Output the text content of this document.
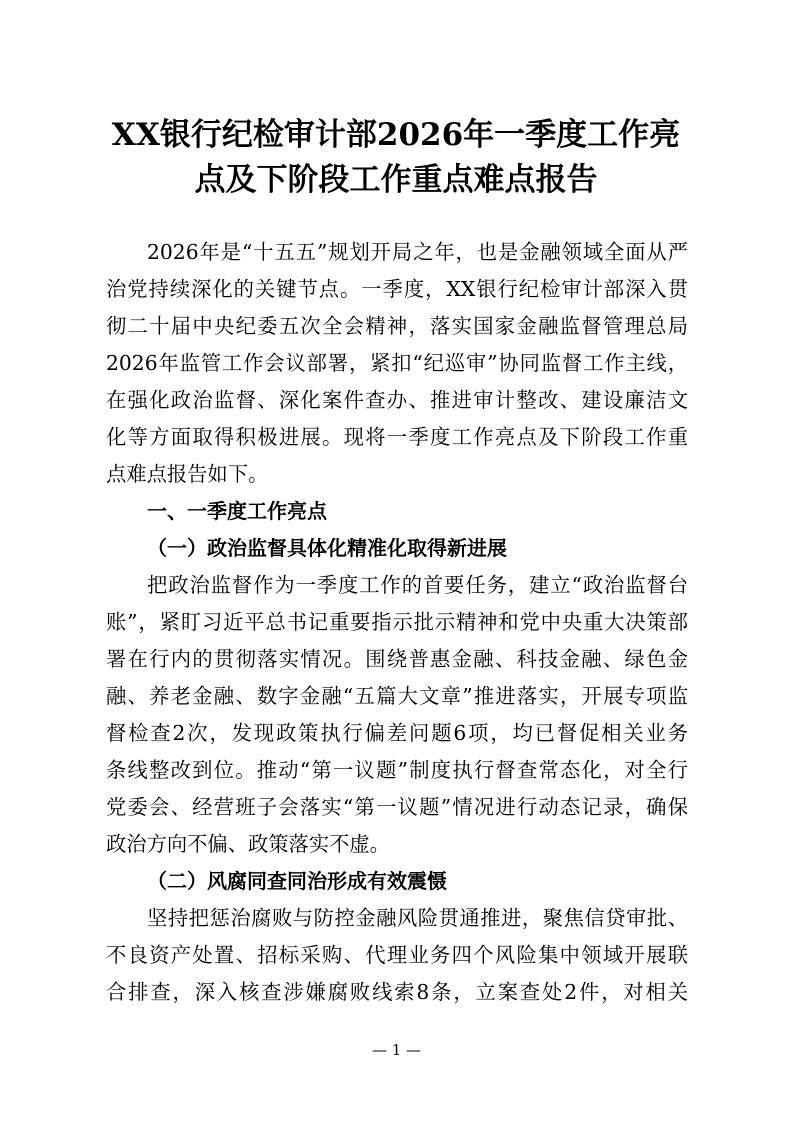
XX银行纪检审计部2026年一季度工作亮
点及下阶段工作重点难点报告
2026年是“十五五”规划开局之年，也是金融领域全面从严
治党持续深化的关键节点。一季度，XX银行纪检审计部深入贯
彻二十届中央纪委五次全会精神，落实国家金融监督管理总局
2026年监管工作会议部署，紧扣“纪巡审”协同监督工作主线，
在强化政治监督、深化案件查办、推进审计整改、建设廉洁文
化等方面取得积极进展。现将一季度工作亮点及下阶段工作重
点难点报告如下。
一、一季度工作亮点
（一）政治监督具体化精准化取得新进展
把政治监督作为一季度工作的首要任务，建立“政治监督台
账”，紧盯习近平总书记重要指示批示精神和党中央重大决策部
署在行内的贯彻落实情况。围绕普惠金融、科技金融、绿色金
融、养老金融、数字金融“五篇大文章”推进落实，开展专项监
督检查2次，发现政策执行偏差问题6项，均已督促相关业务
条线整改到位。推动“第一议题”制度执行督查常态化，对全行
党委会、经营班子会落实“第一议题”情况进行动态记录，确保
政治方向不偏、政策落实不虚。
（二）风腐同查同治形成有效震慑
坚持把惩治腐败与防控金融风险贯通推进，聚焦信贷审批、
不良资产处置、招标采购、代理业务四个风险集中领域开展联
合排查，深入核查涉嫌腐败线索8条，立案查处2件，对相关
— 1 —
